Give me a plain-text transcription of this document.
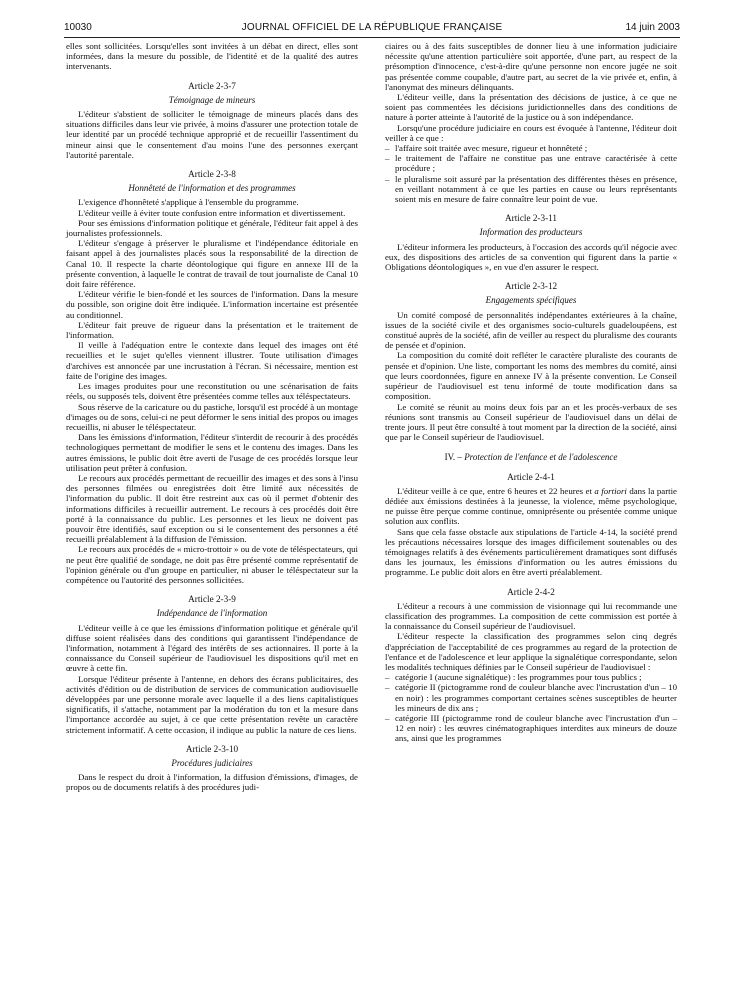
10030	JOURNAL OFFICIEL DE LA RÉPUBLIQUE FRANÇAISE	14 juin 2003

elles sont sollicitées. Lorsqu'elles sont invitées à un débat en direct, elles sont informées, dans la mesure du possible, de l'identité et de la qualité des autres intervenants.

Article 2-3-7
Témoignage de mineurs

L'éditeur s'abstient de solliciter le témoignage de mineurs placés dans des situations difficiles dans leur vie privée, à moins d'assurer une protection totale de leur identité par un procédé technique approprié et de recueillir l'assentiment du mineur ainsi que le consentement d'au moins l'une des personnes exerçant l'autorité parentale.

Article 2-3-8
Honnêteté de l'information et des programmes

L'exigence d'honnêteté s'applique à l'ensemble du programme.

L'éditeur veille à éviter toute confusion entre information et divertissement.

Pour ses émissions d'information politique et générale, l'éditeur fait appel à des journalistes professionnels.

L'éditeur s'engage à préserver le pluralisme et l'indépendance éditoriale en faisant appel à des journalistes placés sous la responsabilité de la direction de Canal 10. Il respecte la charte déontologique qui figure en annexe III de la présente convention, à laquelle le contrat de travail de tout journaliste de Canal 10 doit faire référence.

L'éditeur vérifie le bien-fondé et les sources de l'information. Dans la mesure du possible, son origine doit être indiquée. L'information incertaine est présentée au conditionnel.

L'éditeur fait preuve de rigueur dans la présentation et le traitement de l'information.

Il veille à l'adéquation entre le contexte dans lequel des images ont été recueillies et le sujet qu'elles viennent illustrer. Toute utilisation d'images d'archives est annoncée par une incrustation à l'écran. Si nécessaire, mention est faite de l'origine des images.

Les images produites pour une reconstitution ou une scénarisation de faits réels, ou supposés tels, doivent être présentées comme telles aux téléspectateurs.

Sous réserve de la caricature ou du pastiche, lorsqu'il est procédé à un montage d'images ou de sons, celui-ci ne peut déformer le sens initial des propos ou images recueillis, ni abuser le téléspectateur.

Dans les émissions d'information, l'éditeur s'interdit de recourir à des procédés technologiques permettant de modifier le sens et le contenu des images. Dans les autres émissions, le public doit être averti de l'usage de ces procédés lorsque leur utilisation peut prêter à confusion.

Le recours aux procédés permettant de recueillir des images et des sons à l'insu des personnes filmées ou enregistrées doit être limité aux nécessités de l'information du public. Il doit être restreint aux cas où il permet d'obtenir des informations difficiles à recueillir autrement. Le recours à ces procédés doit être porté à la connaissance du public. Les personnes et les lieux ne doivent pas pouvoir être identifiés, sauf exception ou si le consentement des personnes a été recueilli préalablement à la diffusion de l'émission.

Le recours aux procédés de « micro-trottoir » ou de vote de téléspectateurs, qui ne peut être qualifié de sondage, ne doit pas être présenté comme représentatif de l'opinion générale ou d'un groupe en particulier, ni abuser le téléspectateur sur la compétence ou l'autorité des personnes sollicitées.

Article 2-3-9
Indépendance de l'information

L'éditeur veille à ce que les émissions d'information politique et générale qu'il diffuse soient réalisées dans des conditions qui garantissent l'indépendance de l'information, notamment à l'égard des intérêts de ses actionnaires. Il porte à la connaissance du Conseil supérieur de l'audiovisuel les dispositions qu'il met en œuvre à cette fin.

Lorsque l'éditeur présente à l'antenne, en dehors des écrans publicitaires, des activités d'édition ou de distribution de services de communication audiovisuelle développées par une personne morale avec laquelle il a des liens capitalistiques significatifs, il s'attache, notamment par la modération du ton et la mesure dans l'importance accordée au sujet, à ce que cette présentation revête un caractère strictement informatif. A cette occasion, il indique au public la nature de ces liens.

Article 2-3-10
Procédures judiciaires

Dans le respect du droit à l'information, la diffusion d'émissions, d'images, de propos ou de documents relatifs à des procédures judi-

ciaires ou à des faits susceptibles de donner lieu à une information judiciaire nécessite qu'une attention particulière soit apportée, d'une part, au respect de la présomption d'innocence, c'est-à-dire qu'une personne non encore jugée ne soit pas présentée comme coupable, d'autre part, au secret de la vie privée et, enfin, à l'anonymat des mineurs délinquants.

L'éditeur veille, dans la présentation des décisions de justice, à ce que ne soient pas commentées les décisions juridictionnelles dans des conditions de nature à porter atteinte à l'autorité de la justice ou à son indépendance.

Lorsqu'une procédure judiciaire en cours est évoquée à l'antenne, l'éditeur doit veiller à ce que :

– l'affaire soit traitée avec mesure, rigueur et honnêteté ;
– le traitement de l'affaire ne constitue pas une entrave caractérisée à cette procédure ;
– le pluralisme soit assuré par la présentation des différentes thèses en présence, en veillant notamment à ce que les parties en cause ou leurs représentants soient mis en mesure de faire connaître leur point de vue.
Article 2-3-11
Information des producteurs

L'éditeur informera les producteurs, à l'occasion des accords qu'il négocie avec eux, des dispositions des articles de sa convention qui figurent dans la partie « Obligations déontologiques », en vue d'en assurer le respect.

Article 2-3-12
Engagements spécifiques

Un comité composé de personnalités indépendantes extérieures à la chaîne, issues de la société civile et des organismes socio-culturels guadeloupéens, est constitué auprès de la société, afin de veiller au respect du pluralisme des courants de pensée et d'opinion.

La composition du comité doit refléter le caractère pluraliste des courants de pensée et d'opinion. Une liste, comportant les noms des membres du comité, ainsi que leurs coordonnées, figure en annexe IV à la présente convention. Le Conseil supérieur de l'audiovisuel est tenu informé de toute modification dans sa composition.

Le comité se réunit au moins deux fois par an et les procès-verbaux de ses réunions sont transmis au Conseil supérieur de l'audiovisuel dans un délai de trente jours. Il peut être consulté à tout moment par la direction de la société, ainsi que par le Conseil supérieur de l'audiovisuel.

IV. – Protection de l'enfance et de l'adolescence
Article 2-4-1

L'éditeur veille à ce que, entre 6 heures et 22 heures et a fortiori dans la partie dédiée aux émissions destinées à la jeunesse, la violence, même psychologique, ne puisse être perçue comme continue, omniprésente ou présentée comme unique solution aux conflits.

Sans que cela fasse obstacle aux stipulations de l'article 4-14, la société prend les précautions nécessaires lorsque des images difficilement soutenables ou des témoignages relatifs à des événements particulièrement dramatiques sont diffusés dans les journaux, les émissions d'information ou les autres émissions du programme. Le public doit alors en être averti préalablement.

Article 2-4-2

L'éditeur a recours à une commission de visionnage qui lui recommande une classification des programmes. La composition de cette commission est portée à la connaissance du Conseil supérieur de l'audiovisuel.

L'éditeur respecte la classification des programmes selon cinq degrés d'appréciation de l'acceptabilité de ces programmes au regard de la protection de l'enfance et de l'adolescence et leur applique la signalétique correspondante, selon les modalités techniques définies par le Conseil supérieur de l'audiovisuel :

– catégorie I (aucune signalétique) : les programmes pour tous publics ;
– catégorie II (pictogramme rond de couleur blanche avec l'incrustation d'un – 10 en noir) : les programmes comportant certaines scènes susceptibles de heurter les mineurs de dix ans ;
– catégorie III (pictogramme rond de couleur blanche avec l'incrustation d'un – 12 en noir) : les œuvres cinématographiques interdites aux mineurs de douze ans, ainsi que les programmes
